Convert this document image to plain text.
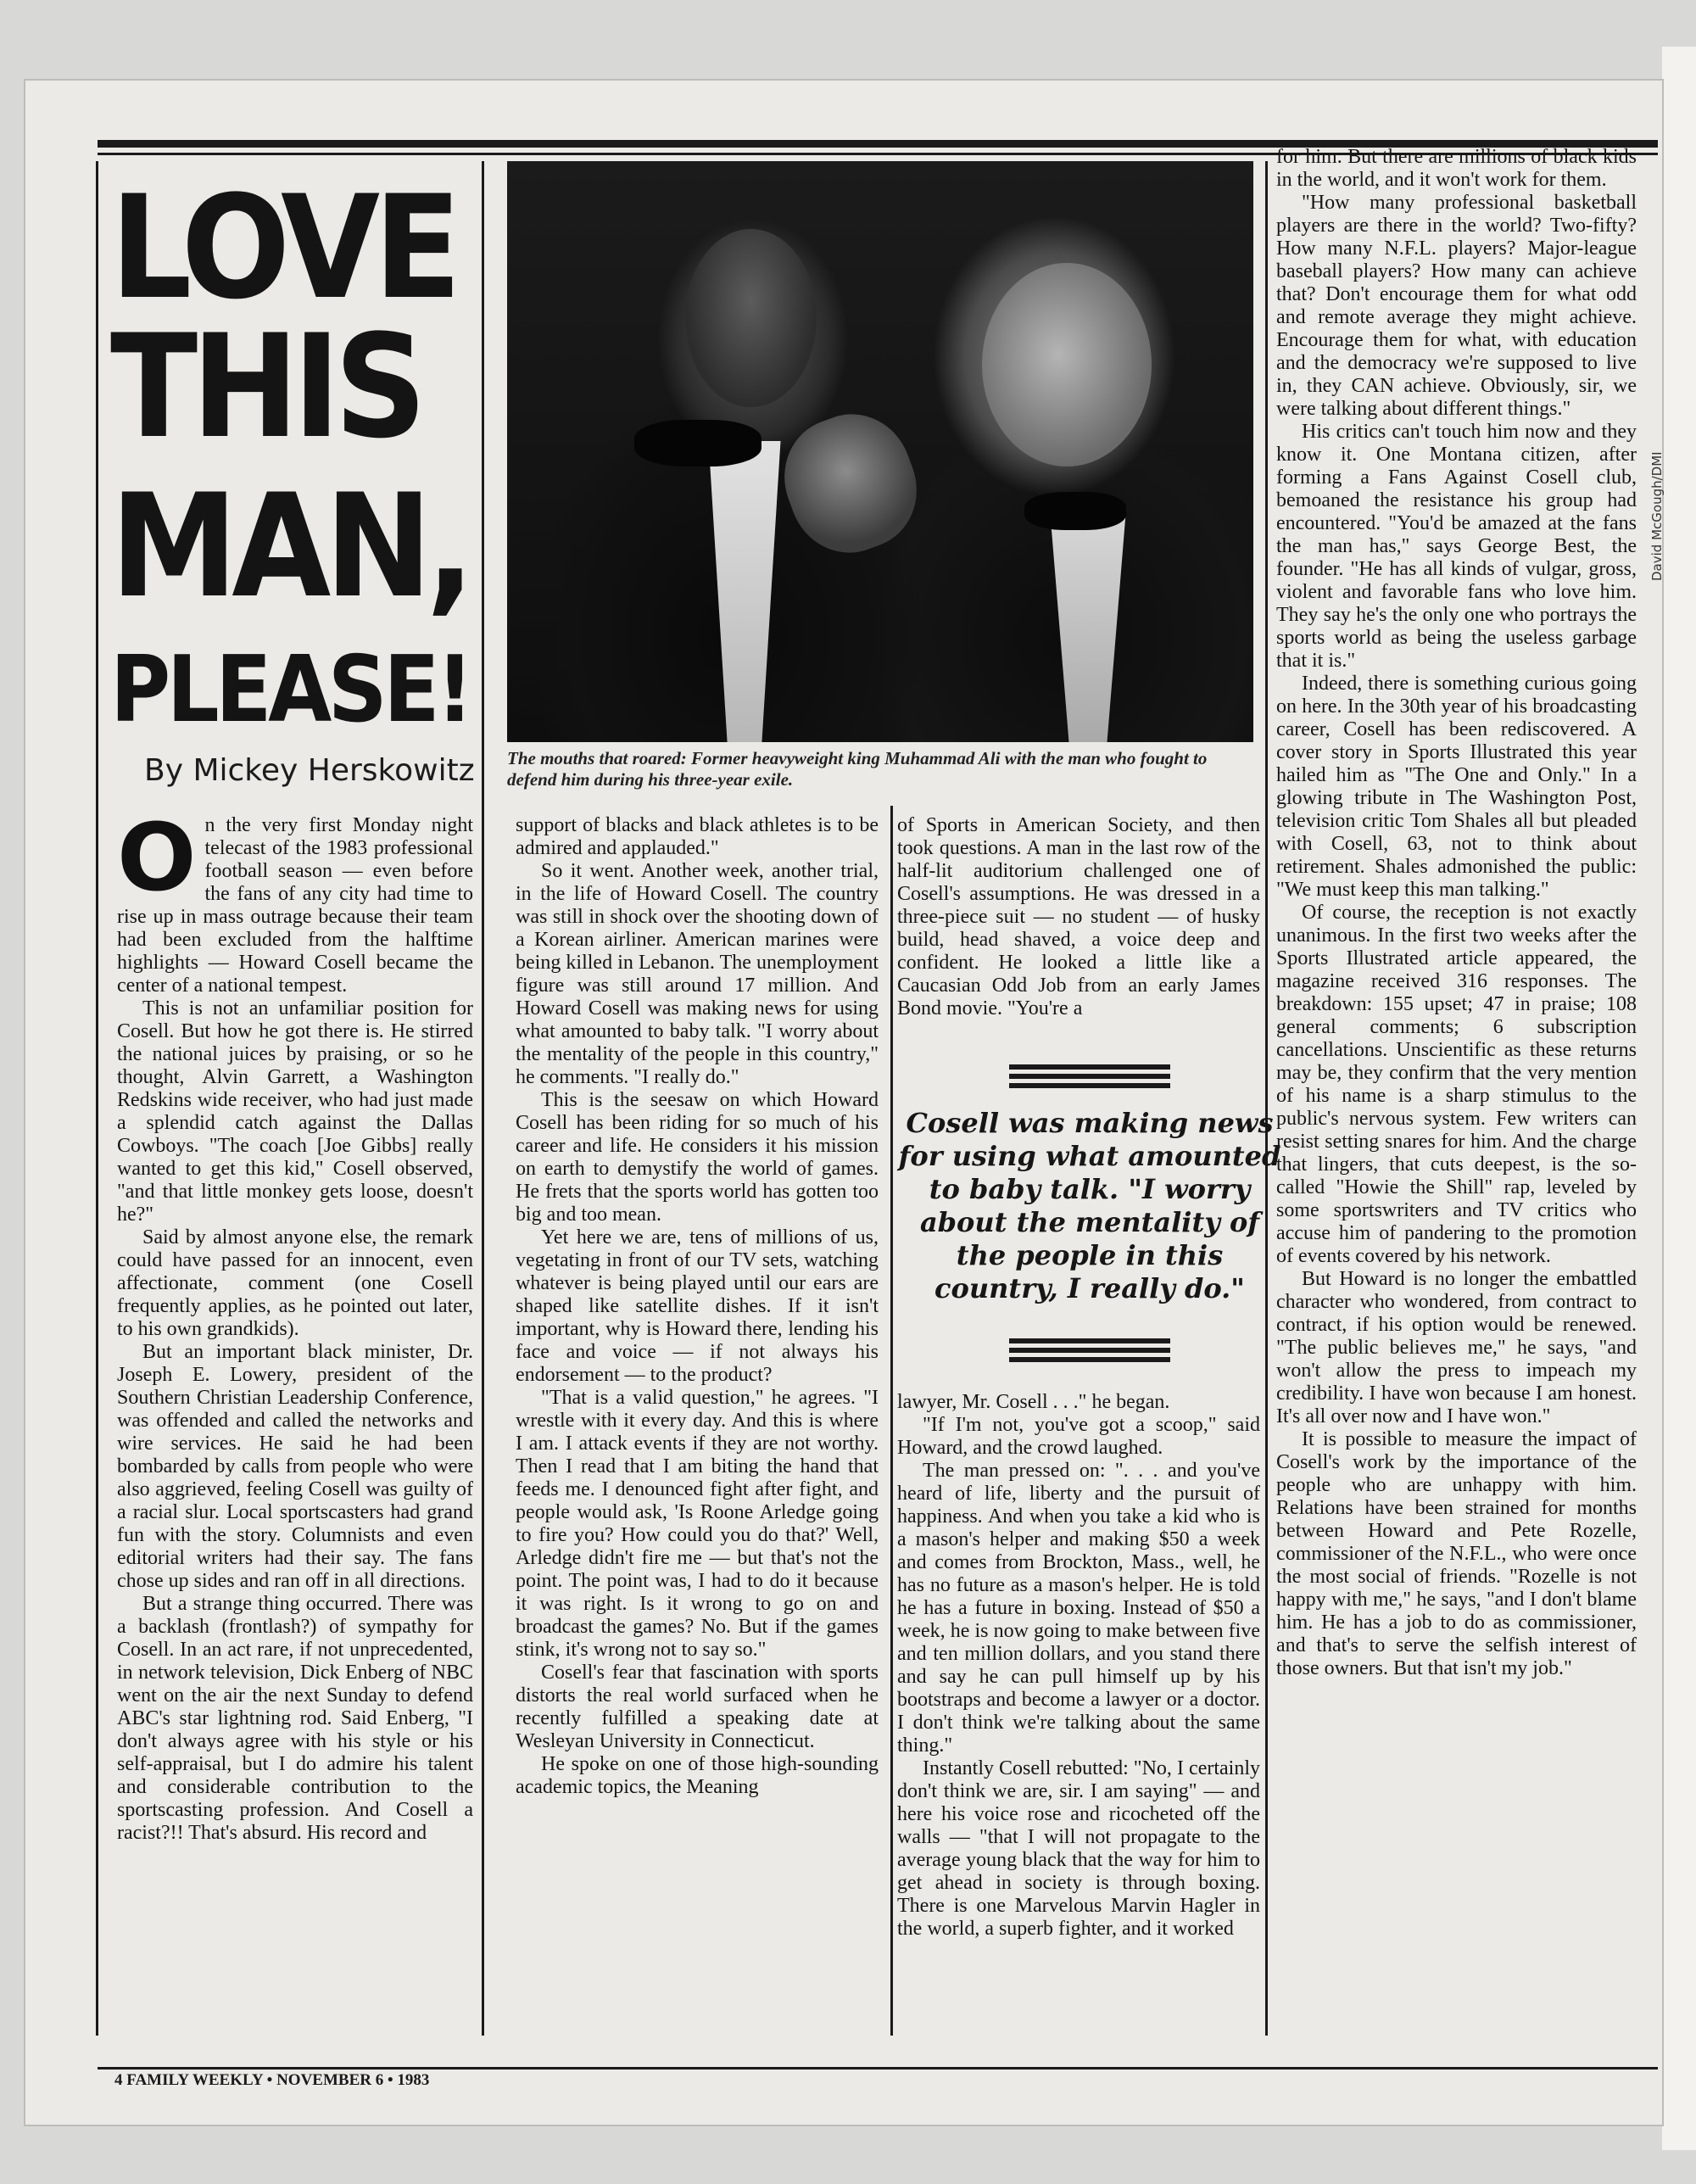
LOVE
THIS
MAN,
PLEASE!
By Mickey Herskowitz The mouths that roared: Former heavyweight king Muhammad Ali with the man who fought to defend him during his three-year exile.
David McGough/DMI
O n the very first Monday night telecast of the 1983 professional football season — even before the fans of any city had time to rise up in mass outrage because their team had been excluded from the halftime highlights — Howard Cosell became the center of a national tempest.

This is not an unfamiliar position for Cosell. But how he got there is. He stirred the national juices by praising, or so he thought, Alvin Garrett, a Washington Redskins wide receiver, who had just made a splendid catch against the Dallas Cowboys. "The coach [Joe Gibbs] really wanted to get this kid," Cosell observed, "and that little monkey gets loose, doesn't he?"

Said by almost anyone else, the remark could have passed for an innocent, even affectionate, comment (one Cosell frequently applies, as he pointed out later, to his own grandkids).

But an important black minister, Dr. Joseph E. Lowery, president of the Southern Christian Leadership Conference, was offended and called the networks and wire services. He said he had been bombarded by calls from people who were also aggrieved, feeling Cosell was guilty of a racial slur. Local sportscasters had grand fun with the story. Columnists and even editorial writers had their say. The fans chose up sides and ran off in all directions.

But a strange thing occurred. There was a backlash (frontlash?) of sympathy for Cosell. In an act rare, if not unprecedented, in network television, Dick Enberg of NBC went on the air the next Sunday to defend ABC's star lightning rod. Said Enberg, "I don't always agree with his style or his self-appraisal, but I do admire his talent and considerable contribution to the sportscasting profession. And Cosell a racist?!! That's absurd. His record and

support of blacks and black athletes is to be admired and applauded."

So it went. Another week, another trial, in the life of Howard Cosell. The country was still in shock over the shooting down of a Korean airliner. American marines were being killed in Lebanon. The unemployment figure was still around 17 million. And Howard Cosell was making news for using what amounted to baby talk. "I worry about the mentality of the people in this country," he comments. "I really do."

This is the seesaw on which Howard Cosell has been riding for so much of his career and life. He considers it his mission on earth to demystify the world of games. He frets that the sports world has gotten too big and too mean.

Yet here we are, tens of millions of us, vegetating in front of our TV sets, watching whatever is being played until our ears are shaped like satellite dishes. If it isn't important, why is Howard there, lending his face and voice — if not always his endorsement — to the product?

"That is a valid question," he agrees. "I wrestle with it every day. And this is where I am. I attack events if they are not worthy. Then I read that I am biting the hand that feeds me. I denounced fight after fight, and people would ask, 'Is Roone Arledge going to fire you? How could you do that?' Well, Arledge didn't fire me — but that's not the point. The point was, I had to do it because it was right. Is it wrong to go on and broadcast the games? No. But if the games stink, it's wrong not to say so."

Cosell's fear that fascination with sports distorts the real world surfaced when he recently fulfilled a speaking date at Wesleyan University in Connecticut.

He spoke on one of those high-sounding academic topics, the Meaning

of Sports in American Society, and then took questions. A man in the last row of the half-lit auditorium challenged one of Cosell's assumptions. He was dressed in a three-piece suit — no student — of husky build, head shaved, a voice deep and confident. He looked a little like a Caucasian Odd Job from an early James Bond movie. "You're a

Cosell was making news for using what amounted to baby talk. "I worry about the mentality of the people in this country, I really do."

lawyer, Mr. Cosell . . ." he began.

"If I'm not, you've got a scoop," said Howard, and the crowd laughed.

The man pressed on: ". . . and you've heard of life, liberty and the pursuit of happiness. And when you take a kid who is a mason's helper and making $50 a week and comes from Brockton, Mass., well, he has no future as a mason's helper. He is told he has a future in boxing. Instead of $50 a week, he is now going to make between five and ten million dollars, and you stand there and say he can pull himself up by his bootstraps and become a lawyer or a doctor. I don't think we're talking about the same thing."

Instantly Cosell rebutted: "No, I certainly don't think we are, sir. I am saying" — and here his voice rose and ricocheted off the walls — "that I will not propagate to the average young black that the way for him to get ahead in society is through boxing. There is one Marvelous Marvin Hagler in the world, a superb fighter, and it worked

for him. But there are millions of black kids in the world, and it won't work for them.

"How many professional basketball players are there in the world? Two-fifty? How many N.F.L. players? Major-league baseball players? How many can achieve that? Don't encourage them for what odd and remote average they might achieve. Encourage them for what, with education and the democracy we're supposed to live in, they CAN achieve. Obviously, sir, we were talking about different things."

His critics can't touch him now and they know it. One Montana citizen, after forming a Fans Against Cosell club, bemoaned the resistance his group had encountered. "You'd be amazed at the fans the man has," says George Best, the founder. "He has all kinds of vulgar, gross, violent and favorable fans who love him. They say he's the only one who portrays the sports world as being the useless garbage that it is."

Indeed, there is something curious going on here. In the 30th year of his broadcasting career, Cosell has been rediscovered. A cover story in Sports Illustrated this year hailed him as "The One and Only." In a glowing tribute in The Washington Post, television critic Tom Shales all but pleaded with Cosell, 63, not to think about retirement. Shales admonished the public: "We must keep this man talking."

Of course, the reception is not exactly unanimous. In the first two weeks after the Sports Illustrated article appeared, the magazine received 316 responses. The breakdown: 155 upset; 47 in praise; 108 general comments; 6 subscription cancellations. Unscientific as these returns may be, they confirm that the very mention of his name is a sharp stimulus to the public's nervous system. Few writers can resist setting snares for him. And the charge that lingers, that cuts deepest, is the so-called "Howie the Shill" rap, leveled by some sportswriters and TV critics who accuse him of pandering to the promotion of events covered by his network.

But Howard is no longer the embattled character who wondered, from contract to contract, if his option would be renewed. "The public believes me," he says, "and won't allow the press to impeach my credibility. I have won because I am honest. It's all over now and I have won."

It is possible to measure the impact of Cosell's work by the importance of the people who are unhappy with him. Relations have been strained for months between Howard and Pete Rozelle, commissioner of the N.F.L., who were once the most social of friends. "Rozelle is not happy with me," he says, "and I don't blame him. He has a job to do as commissioner, and that's to serve the selfish interest of those owners. But that isn't my job."

4 FAMILY WEEKLY • NOVEMBER 6 • 1983
